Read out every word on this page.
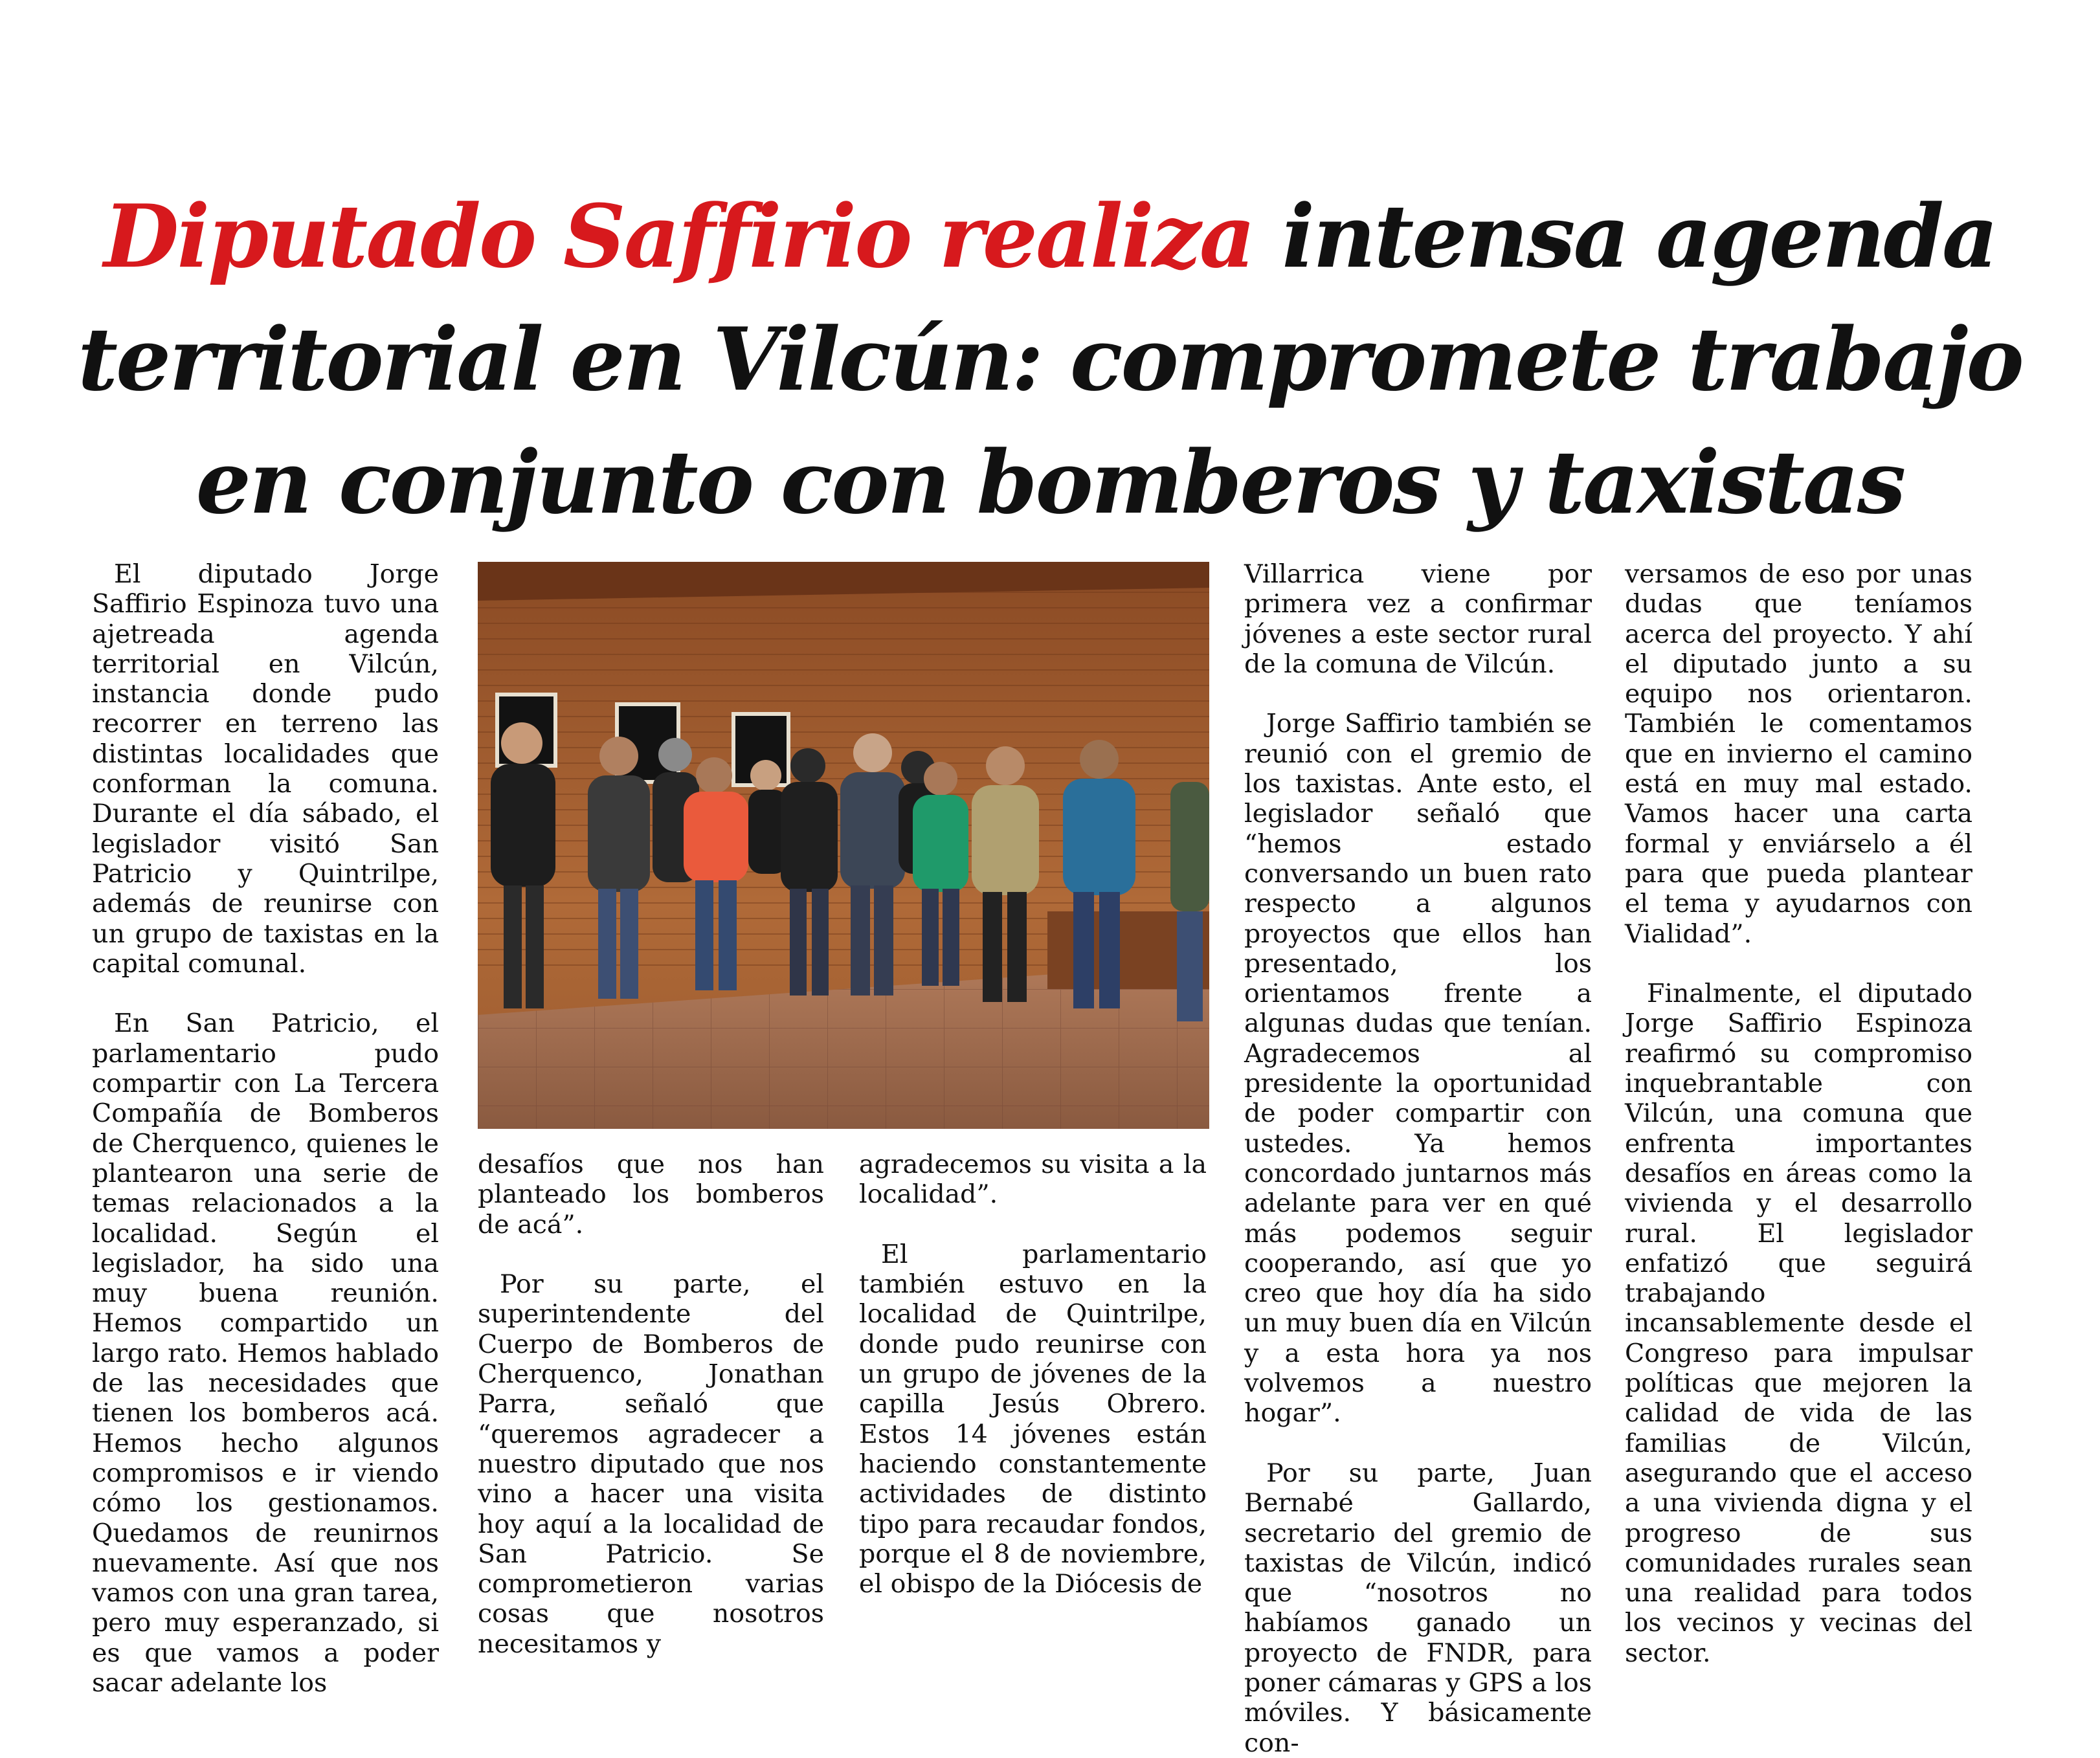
Diputado Saffirio realiza intensa agenda territorial en Vilcún: compromete trabajo en conjunto con bomberos y taxistas

El diputado Jorge Saffirio Espinoza tuvo una ajetreada agenda territorial en Vilcún, instancia donde pudo recorrer en terreno las distintas localidades que conforman la comuna. Durante el día sábado, el legislador visitó San Patricio y Quintrilpe, además de reunirse con un grupo de taxistas en la capital comunal.

En San Patricio, el parlamentario pudo compartir con La Tercera Compañía de Bomberos de Cherquenco, quienes le plantearon una serie de temas relacionados a la localidad. Según el legislador, ha sido una muy buena reunión. Hemos compartido un largo rato. Hemos hablado de las necesidades que tienen los bomberos acá. Hemos hecho algunos compromisos e ir viendo cómo los gestionamos. Quedamos de reunirnos nuevamente. Así que nos vamos con una gran tarea, pero muy esperanzado, si es que vamos a poder sacar adelante los

desafíos que nos han planteado los bomberos de acá”.

Por su parte, el superintendente del Cuerpo de Bomberos de Cherquenco, Jonathan Parra, señaló que “queremos agradecer a nuestro diputado que nos vino a hacer una visita hoy aquí a la localidad de San Patricio. Se comprometieron varias cosas que nosotros necesitamos y

agradecemos su visita a la localidad”.

El parlamentario también estuvo en la localidad de Quintrilpe, donde pudo reunirse con un grupo de jóvenes de la capilla Jesús Obrero. Estos 14 jóvenes están haciendo constantemente actividades de distinto tipo para recaudar fondos, porque el 8 de noviembre, el obispo de la Diócesis de

Villarrica viene por primera vez a confirmar jóvenes a este sector rural de la comuna de Vilcún.

Jorge Saffirio también se reunió con el gremio de los taxistas. Ante esto, el legislador señaló que “hemos estado conversando un buen rato respecto a algunos proyectos que ellos han presentado, los orientamos frente a algunas dudas que tenían. Agradecemos al presidente la oportunidad de poder compartir con ustedes. Ya hemos concordado juntarnos más adelante para ver en qué más podemos seguir cooperando, así que yo creo que hoy día ha sido un muy buen día en Vilcún y a esta hora ya nos volvemos a nuestro hogar”.

Por su parte, Juan Bernabé Gallardo, secretario del gremio de taxistas de Vilcún, indicó que “nosotros no habíamos ganado un proyecto de FNDR, para poner cámaras y GPS a los móviles. Y básicamente con-

versamos de eso por unas dudas que teníamos acerca del proyecto. Y ahí el diputado junto a su equipo nos orientaron. También le comentamos que en invierno el camino está en muy mal estado. Vamos hacer una carta formal y enviárselo a él para que pueda plantear el tema y ayudarnos con Vialidad”.

Finalmente, el diputado Jorge Saffirio Espinoza reafirmó su compromiso inquebrantable con Vilcún, una comuna que enfrenta importantes desafíos en áreas como la vivienda y el desarrollo rural. El legislador enfatizó que seguirá trabajando incansablemente desde el Congreso para impulsar políticas que mejoren la calidad de vida de las familias de Vilcún, asegurando que el acceso a una vivienda digna y el progreso de sus comunidades rurales sean una realidad para todos los vecinos y vecinas del sector.
